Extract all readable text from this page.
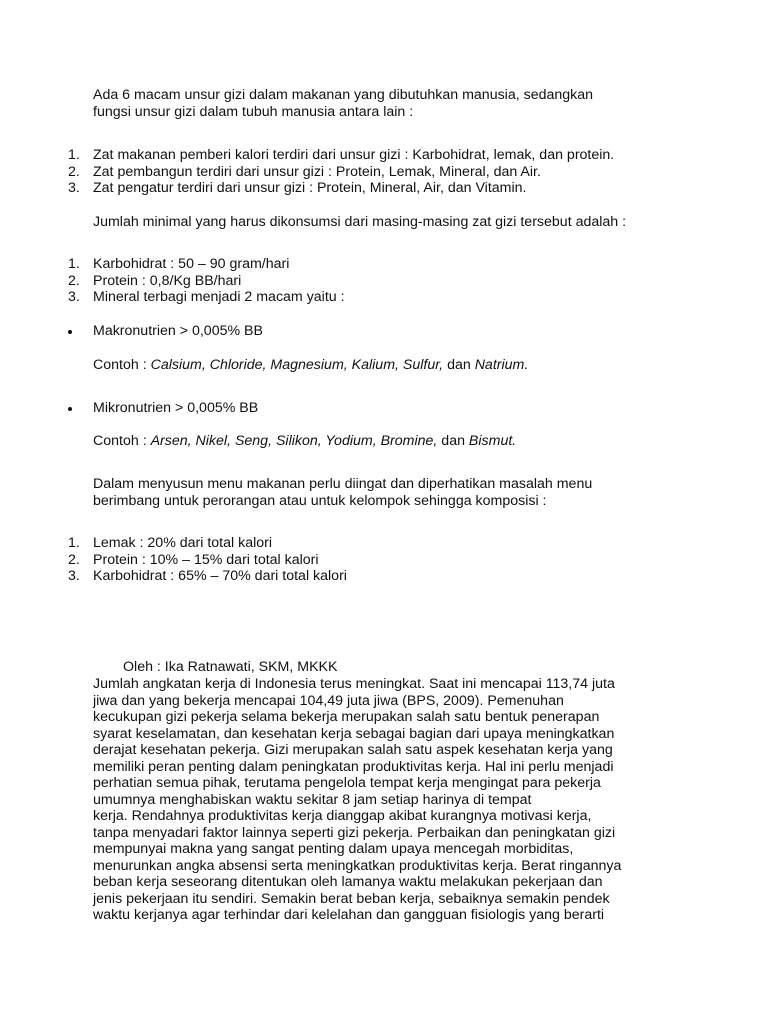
Ada 6 macam unsur gizi dalam makanan yang dibutuhkan manusia, sedangkan
fungsi unsur gizi dalam tubuh manusia antara lain :
1. Zat makanan pemberi kalori terdiri dari unsur gizi : Karbohidrat, lemak, dan protein.
2. Zat pembangun terdiri dari unsur gizi : Protein, Lemak, Mineral, dan Air.
3. Zat pengatur terdiri dari unsur gizi : Protein, Mineral, Air, dan Vitamin.
Jumlah minimal yang harus dikonsumsi dari masing-masing zat gizi tersebut adalah :
1. Karbohidrat : 50 – 90 gram/hari
2. Protein : 0,8/Kg BB/hari
3. Mineral terbagi menjadi 2 macam yaitu :
Makronutrien > 0,005% BB
Contoh : Calsium, Chloride, Magnesium, Kalium, Sulfur, dan Natrium.
Mikronutrien > 0,005% BB
Contoh : Arsen, Nikel, Seng, Silikon, Yodium, Bromine, dan Bismut.
Dalam menyusun menu makanan perlu diingat dan diperhatikan masalah menu
berimbang untuk perorangan atau untuk kelompok sehingga komposisi :
1. Lemak : 20% dari total kalori
2. Protein : 10% – 15% dari total kalori
3. Karbohidrat : 65% – 70% dari total kalori
Oleh : Ika Ratnawati, SKM, MKKK
Jumlah angkatan kerja di Indonesia terus meningkat. Saat ini mencapai 113,74 juta
jiwa dan yang bekerja mencapai 104,49 juta jiwa (BPS, 2009). Pemenuhan
kecukupan gizi pekerja selama bekerja merupakan salah satu bentuk penerapan
syarat keselamatan, dan kesehatan kerja sebagai bagian dari upaya meningkatkan
derajat kesehatan pekerja. Gizi merupakan salah satu aspek kesehatan kerja yang
memiliki peran penting dalam peningkatan produktivitas kerja. Hal ini perlu menjadi
perhatian semua pihak, terutama pengelola tempat kerja mengingat para pekerja
umumnya menghabiskan waktu sekitar 8 jam setiap harinya di tempat
kerja. Rendahnya produktivitas kerja dianggap akibat kurangnya motivasi kerja,
tanpa menyadari faktor lainnya seperti gizi pekerja. Perbaikan dan peningkatan gizi
mempunyai makna yang sangat penting dalam upaya mencegah morbiditas,
menurunkan angka absensi serta meningkatkan produktivitas kerja. Berat ringannya
beban kerja seseorang ditentukan oleh lamanya waktu melakukan pekerjaan dan
jenis pekerjaan itu sendiri. Semakin berat beban kerja, sebaiknya semakin pendek
waktu kerjanya agar terhindar dari kelelahan dan gangguan fisiologis yang berarti
